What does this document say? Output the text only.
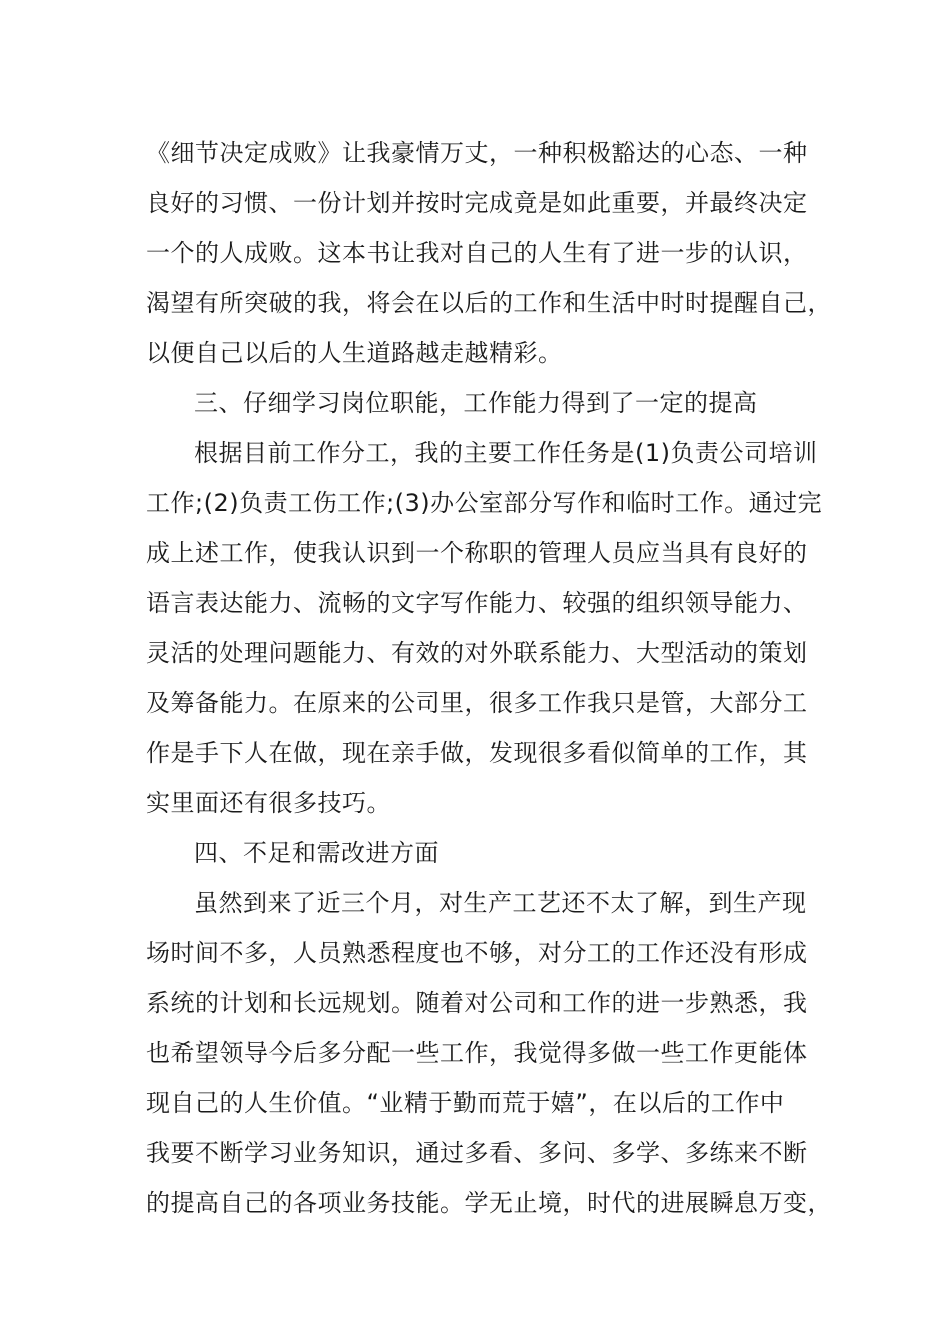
《细节决定成败》让我豪情万丈，一种积极豁达的心态、一种
良好的习惯、一份计划并按时完成竟是如此重要，并最终决定
一个的人成败。这本书让我对自己的人生有了进一步的认识，
渴望有所突破的我，将会在以后的工作和生活中时时提醒自己，
以便自己以后的人生道路越走越精彩。
三、仔细学习岗位职能，工作能力得到了一定的提高
根据目前工作分工，我的主要工作任务是(1)负责公司培训
工作;(2)负责工伤工作;(3)办公室部分写作和临时工作。通过完
成上述工作，使我认识到一个称职的管理人员应当具有良好的
语言表达能力、流畅的文字写作能力、较强的组织领导能力、
灵活的处理问题能力、有效的对外联系能力、大型活动的策划
及筹备能力。在原来的公司里，很多工作我只是管，大部分工
作是手下人在做，现在亲手做，发现很多看似简单的工作，其
实里面还有很多技巧。
四、不足和需改进方面
虽然到来了近三个月，对生产工艺还不太了解，到生产现
场时间不多，人员熟悉程度也不够，对分工的工作还没有形成
系统的计划和长远规划。随着对公司和工作的进一步熟悉，我
也希望领导今后多分配一些工作，我觉得多做一些工作更能体
现自己的人生价值。“业精于勤而荒于嬉”，在以后的工作中
我要不断学习业务知识，通过多看、多问、多学、多练来不断
的提高自己的各项业务技能。学无止境，时代的进展瞬息万变，
